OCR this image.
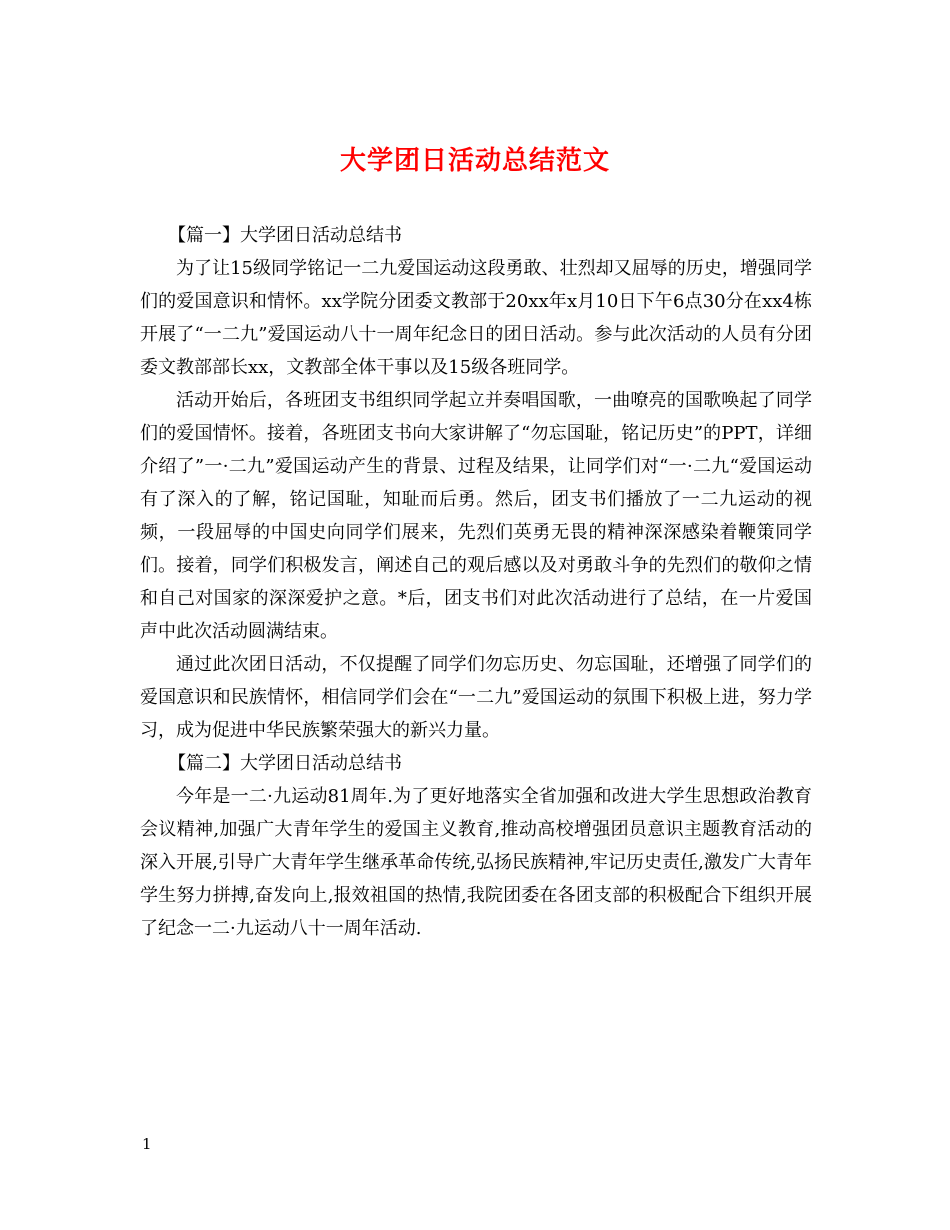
大学团日活动总结范文

【篇一】大学团日活动总结书

为了让15级同学铭记一二九爱国运动这段勇敢、壮烈却又屈辱的历史，增强同学们的爱国意识和情怀。xx学院分团委文教部于20xx年x月10日下午6点30分在xx4栋开展了“一二九”爱国运动八十一周年纪念日的团日活动。参与此次活动的人员有分团委文教部部长xx，文教部全体干事以及15级各班同学。

活动开始后，各班团支书组织同学起立并奏唱国歌，一曲嘹亮的国歌唤起了同学们的爱国情怀。接着，各班团支书向大家讲解了“勿忘国耻，铭记历史”的PPT，详细介绍了”一·二九”爱国运动产生的背景、过程及结果，让同学们对“一·二九“爱国运动有了深入的了解，铭记国耻，知耻而后勇。然后，团支书们播放了一二九运动的视频，一段屈辱的中国史向同学们展来，先烈们英勇无畏的精神深深感染着鞭策同学们。接着，同学们积极发言，阐述自己的观后感以及对勇敢斗争的先烈们的敬仰之情和自己对国家的深深爱护之意。*后，团支书们对此次活动进行了总结，在一片爱国声中此次活动圆满结束。

通过此次团日活动，不仅提醒了同学们勿忘历史、勿忘国耻，还增强了同学们的爱国意识和民族情怀，相信同学们会在“一二九”爱国运动的氛围下积极上进，努力学习，成为促进中华民族繁荣强大的新兴力量。

【篇二】大学团日活动总结书

今年是一二·九运动81周年.为了更好地落实全省加强和改进大学生思想政治教育会议精神,加强广大青年学生的爱国主义教育,推动高校增强团员意识主题教育活动的深入开展,引导广大青年学生继承革命传统,弘扬民族精神,牢记历史责任,激发广大青年学生努力拼搏,奋发向上,报效祖国的热情,我院团委在各团支部的积极配合下组织开展了纪念一二·九运动八十一周年活动.

1
